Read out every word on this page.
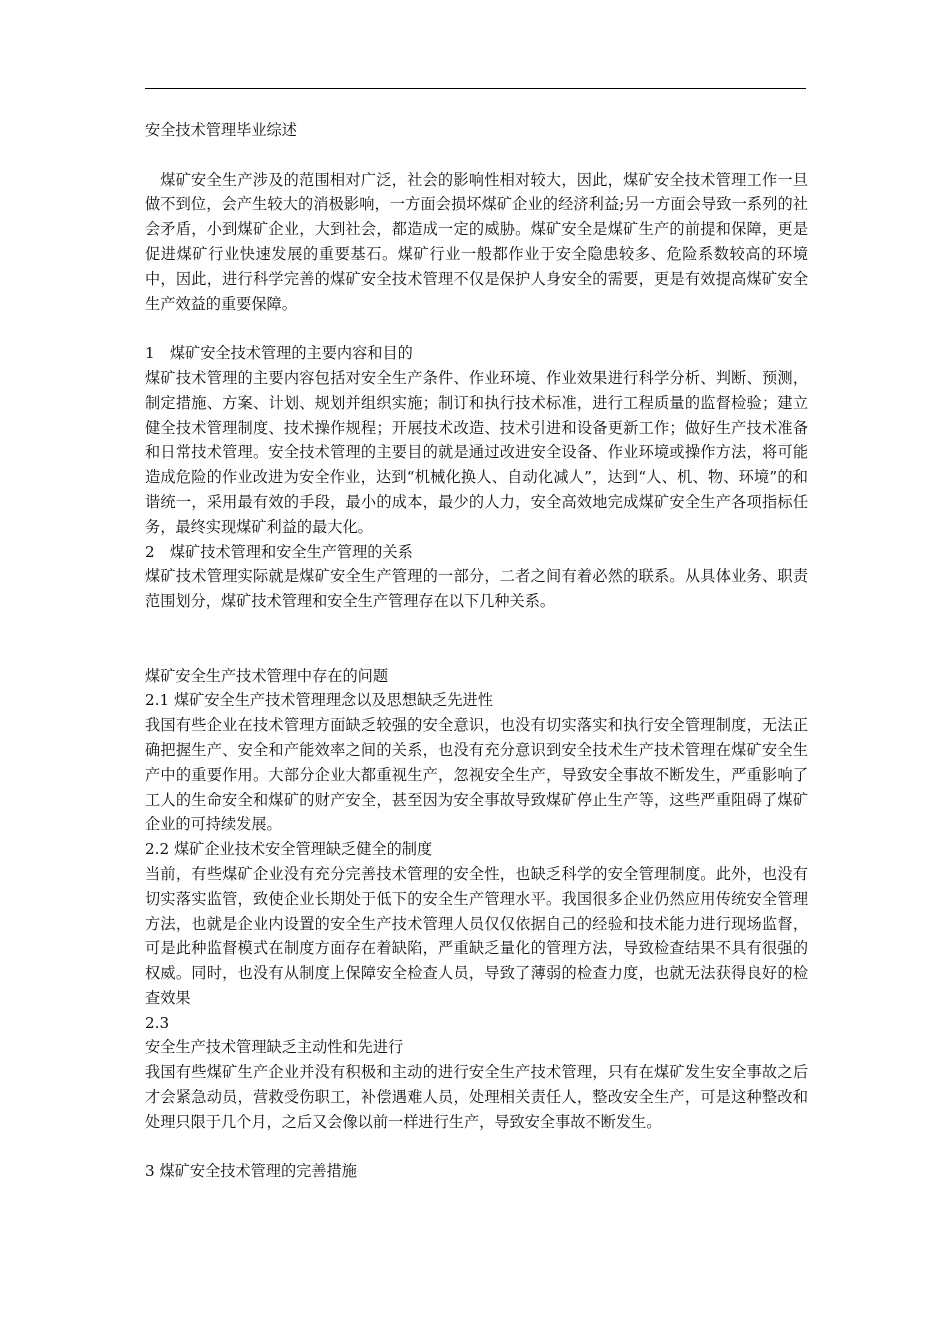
安全技术管理毕业综述

煤矿安全生产涉及的范围相对广泛，社会的影响性相对较大，因此，煤矿安全技术管理工作一旦做不到位，会产生较大的消极影响，一方面会损坏煤矿企业的经济利益;另一方面会导致一系列的社会矛盾，小到煤矿企业，大到社会，都造成一定的威胁。煤矿安全是煤矿生产的前提和保障，更是促进煤矿行业快速发展的重要基石。煤矿行业一般都作业于安全隐患较多、危险系数较高的环境中，因此，进行科学完善的煤矿安全技术管理不仅是保护人身安全的需要，更是有效提高煤矿安全生产效益的重要保障。

1　煤矿安全技术管理的主要内容和目的

煤矿技术管理的主要内容包括对安全生产条件、作业环境、作业效果进行科学分析、判断、预测，制定措施、方案、计划、规划并组织实施；制订和执行技术标准，进行工程质量的监督检验；建立健全技术管理制度、技术操作规程；开展技术改造、技术引进和设备更新工作；做好生产技术准备和日常技术管理。安全技术管理的主要目的就是通过改进安全设备、作业环境或操作方法，将可能造成危险的作业改进为安全作业，达到“机械化换人、自动化减人”，达到“人、机、物、环境”的和谐统一，采用最有效的手段，最小的成本，最少的人力，安全高效地完成煤矿安全生产各项指标任务，最终实现煤矿利益的最大化。

2　煤矿技术管理和安全生产管理的关系

煤矿技术管理实际就是煤矿安全生产管理的一部分，二者之间有着必然的联系。从具体业务、职责范围划分，煤矿技术管理和安全生产管理存在以下几种关系。

煤矿安全生产技术管理中存在的问题

2.1 煤矿安全生产技术管理理念以及思想缺乏先进性

我国有些企业在技术管理方面缺乏较强的安全意识，也没有切实落实和执行安全管理制度，无法正确把握生产、安全和产能效率之间的关系，也没有充分意识到安全技术生产技术管理在煤矿安全生产中的重要作用。大部分企业大都重视生产，忽视安全生产，导致安全事故不断发生，严重影响了工人的生命安全和煤矿的财产安全，甚至因为安全事故导致煤矿停止生产等，这些严重阻碍了煤矿企业的可持续发展。

2.2 煤矿企业技术安全管理缺乏健全的制度

当前，有些煤矿企业没有充分完善技术管理的安全性，也缺乏科学的安全管理制度。此外，也没有切实落实监管，致使企业长期处于低下的安全生产管理水平。我国很多企业仍然应用传统安全管理方法，也就是企业内设置的安全生产技术管理人员仅仅依据自己的经验和技术能力进行现场监督，可是此种监督模式在制度方面存在着缺陷，严重缺乏量化的管理方法，导致检查结果不具有很强的权威。同时，也没有从制度上保障安全检查人员，导致了薄弱的检查力度，也就无法获得良好的检查效果

2.3

安全生产技术管理缺乏主动性和先进行

我国有些煤矿生产企业并没有积极和主动的进行安全生产技术管理，只有在煤矿发生安全事故之后才会紧急动员，营救受伤职工，补偿遇难人员，处理相关责任人，整改安全生产，可是这种整改和处理只限于几个月，之后又会像以前一样进行生产，导致安全事故不断发生。

3 煤矿安全技术管理的完善措施
